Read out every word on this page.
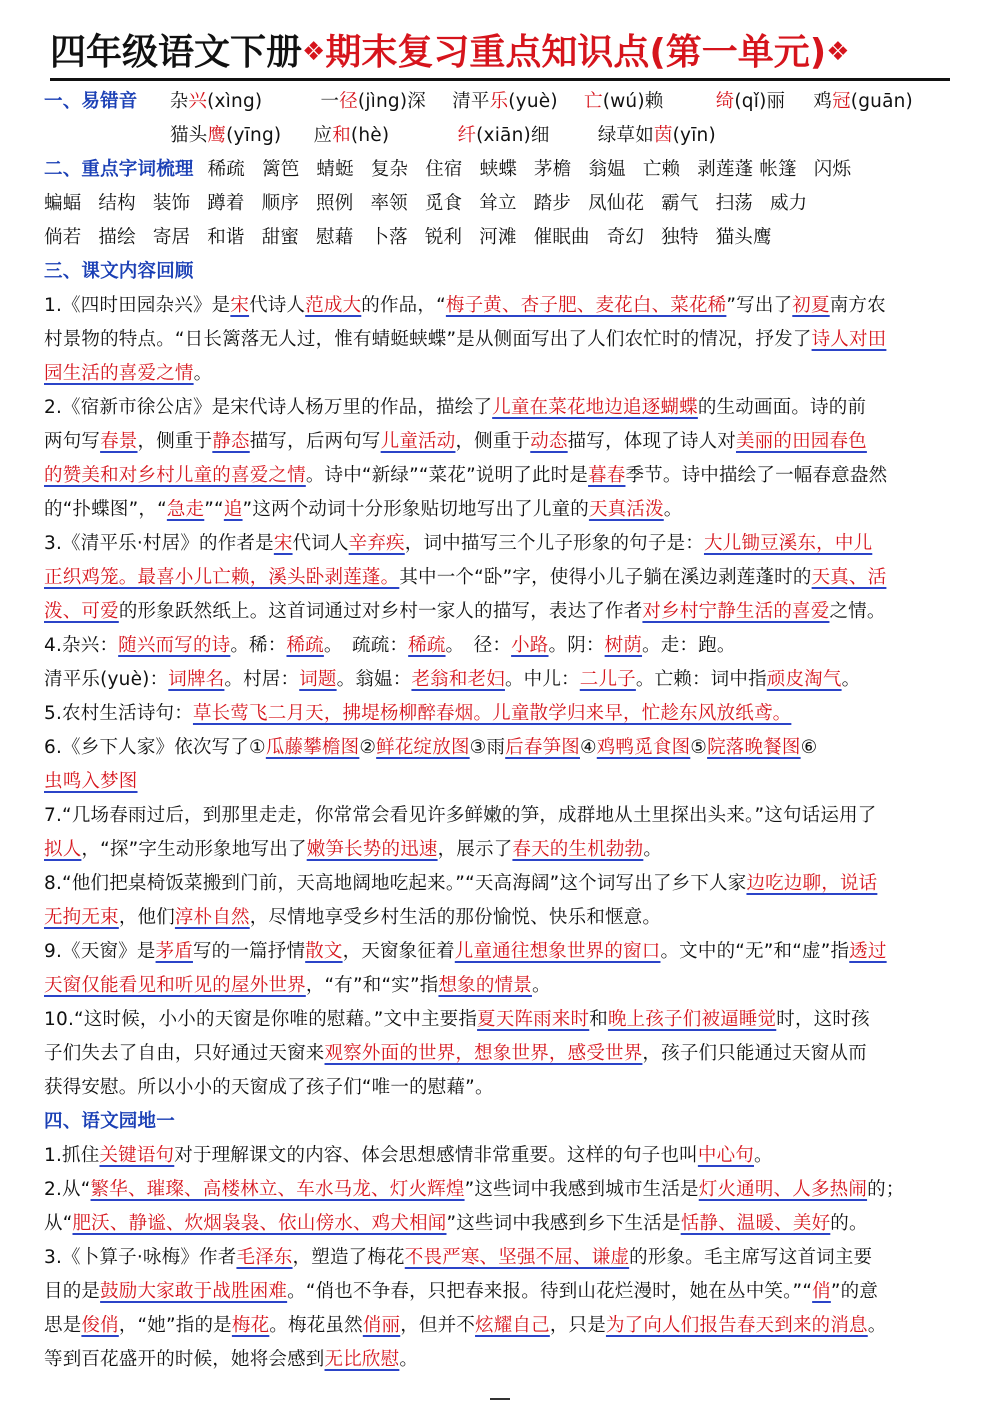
四年级语文下册❖期末复习重点知识点(第一单元)❖
一、易错音 杂兴(xìng)	一径(jìng)深 清平乐(yuè) 亡(wú)赖	绮(qǐ)丽 鸡冠(guān)
猫头鹰(yīng) 应和(hè)	纤(xiān)细	绿草如茵(yīn)
二、重点字词梳理 稀疏 篱笆 蜻蜓 复杂 住宿 蛱蝶 茅檐 翁媪 亡赖 剥莲蓬 帐篷 闪烁
蝙蝠 结构 装饰 蹲着 顺序 照例 率领 觅食 耸立 踏步 凤仙花 霸气 扫荡 威力
倘若 描绘 寄居 和谐 甜蜜 慰藉 卜落 锐利 河滩 催眠曲 奇幻 独特 猫头鹰
三、课文内容回顾
1.《四时田园杂兴》是宋代诗人范成大的作品，“梅子黄、杏子肥、麦花白、菜花稀”写出了初夏南方农
村景物的特点。“日长篱落无人过，惟有蜻蜓蛱蝶”是从侧面写出了人们农忙时的情况，抒发了诗人对田
园生活的喜爱之情。
2.《宿新市徐公店》是宋代诗人杨万里的作品，描绘了儿童在菜花地边追逐蝴蝶的生动画面。诗的前
两句写春景，侧重于静态描写，后两句写儿童活动，侧重于动态描写，体现了诗人对美丽的田园春色
的赞美和对乡村儿童的喜爱之情。诗中“新绿”“菜花”说明了此时是暮春季节。诗中描绘了一幅春意盎然
的“扑蝶图”，“急走”“追”这两个动词十分形象贴切地写出了儿童的天真活泼。
3.《清平乐·村居》的作者是宋代词人辛弃疾，词中描写三个儿子形象的句子是：大儿锄豆溪东，中儿
正织鸡笼。最喜小儿亡赖，溪头卧剥莲蓬。其中一个“卧”字，使得小儿子躺在溪边剥莲蓬时的天真、活
泼、可爱的形象跃然纸上。这首词通过对乡村一家人的描写，表达了作者对乡村宁静生活的喜爱之情。
4.杂兴：随兴而写的诗。稀：稀疏。　疏疏：稀疏。　径：小路。阴：树荫。走：跑。
清平乐(yuè)：词牌名。村居：词题。翁媪：老翁和老妇。中儿：二儿子。亡赖：词中指顽皮淘气。
5.农村生活诗句：草长莺飞二月天，拂堤杨柳醉春烟。儿童散学归来早，忙趁东风放纸鸢。
6.《乡下人家》依次写了①瓜藤攀檐图②鲜花绽放图③雨后春笋图④鸡鸭觅食图⑤院落晚餐图⑥
虫鸣入梦图
7.“几场春雨过后，到那里走走，你常常会看见许多鲜嫩的笋，成群地从土里探出头来。”这句话运用了
拟人，“探”字生动形象地写出了嫩笋长势的迅速，展示了春天的生机勃勃。
8.“他们把桌椅饭菜搬到门前，天高地阔地吃起来。”“天高海阔”这个词写出了乡下人家边吃边聊，说话
无拘无束，他们淳朴自然，尽情地享受乡村生活的那份愉悦、快乐和惬意。
9.《天窗》是茅盾写的一篇抒情散文，天窗象征着儿童通往想象世界的窗口。文中的“无”和“虚”指透过
天窗仅能看见和听见的屋外世界，“有”和“实”指想象的情景。
10.“这时候，小小的天窗是你唯的慰藉。”文中主要指夏天阵雨来时和晚上孩子们被逼睡觉时，这时孩
子们失去了自由，只好通过天窗来观察外面的世界，想象世界，感受世界，孩子们只能通过天窗从而
获得安慰。所以小小的天窗成了孩子们“唯一的慰藉”。
四、语文园地一
1.抓住关键语句对于理解课文的内容、体会思想感情非常重要。这样的句子也叫中心句。
2.从“繁华、璀璨、高楼林立、车水马龙、灯火辉煌”这些词中我感到城市生活是灯火通明、人多热闹的；
从“肥沃、静谧、炊烟袅袅、依山傍水、鸡犬相闻”这些词中我感到乡下生活是恬静、温暖、美好的。
3.《卜算子·咏梅》作者毛泽东，塑造了梅花不畏严寒、坚强不屈、谦虚的形象。毛主席写这首词主要
目的是鼓励大家敢于战胜困难。“俏也不争春，只把春来报。待到山花烂漫时，她在丛中笑。”“俏”的意
思是俊俏，“她”指的是梅花。梅花虽然俏丽，但并不炫耀自己，只是为了向人们报告春天到来的消息。
等到百花盛开的时候，她将会感到无比欣慰。
